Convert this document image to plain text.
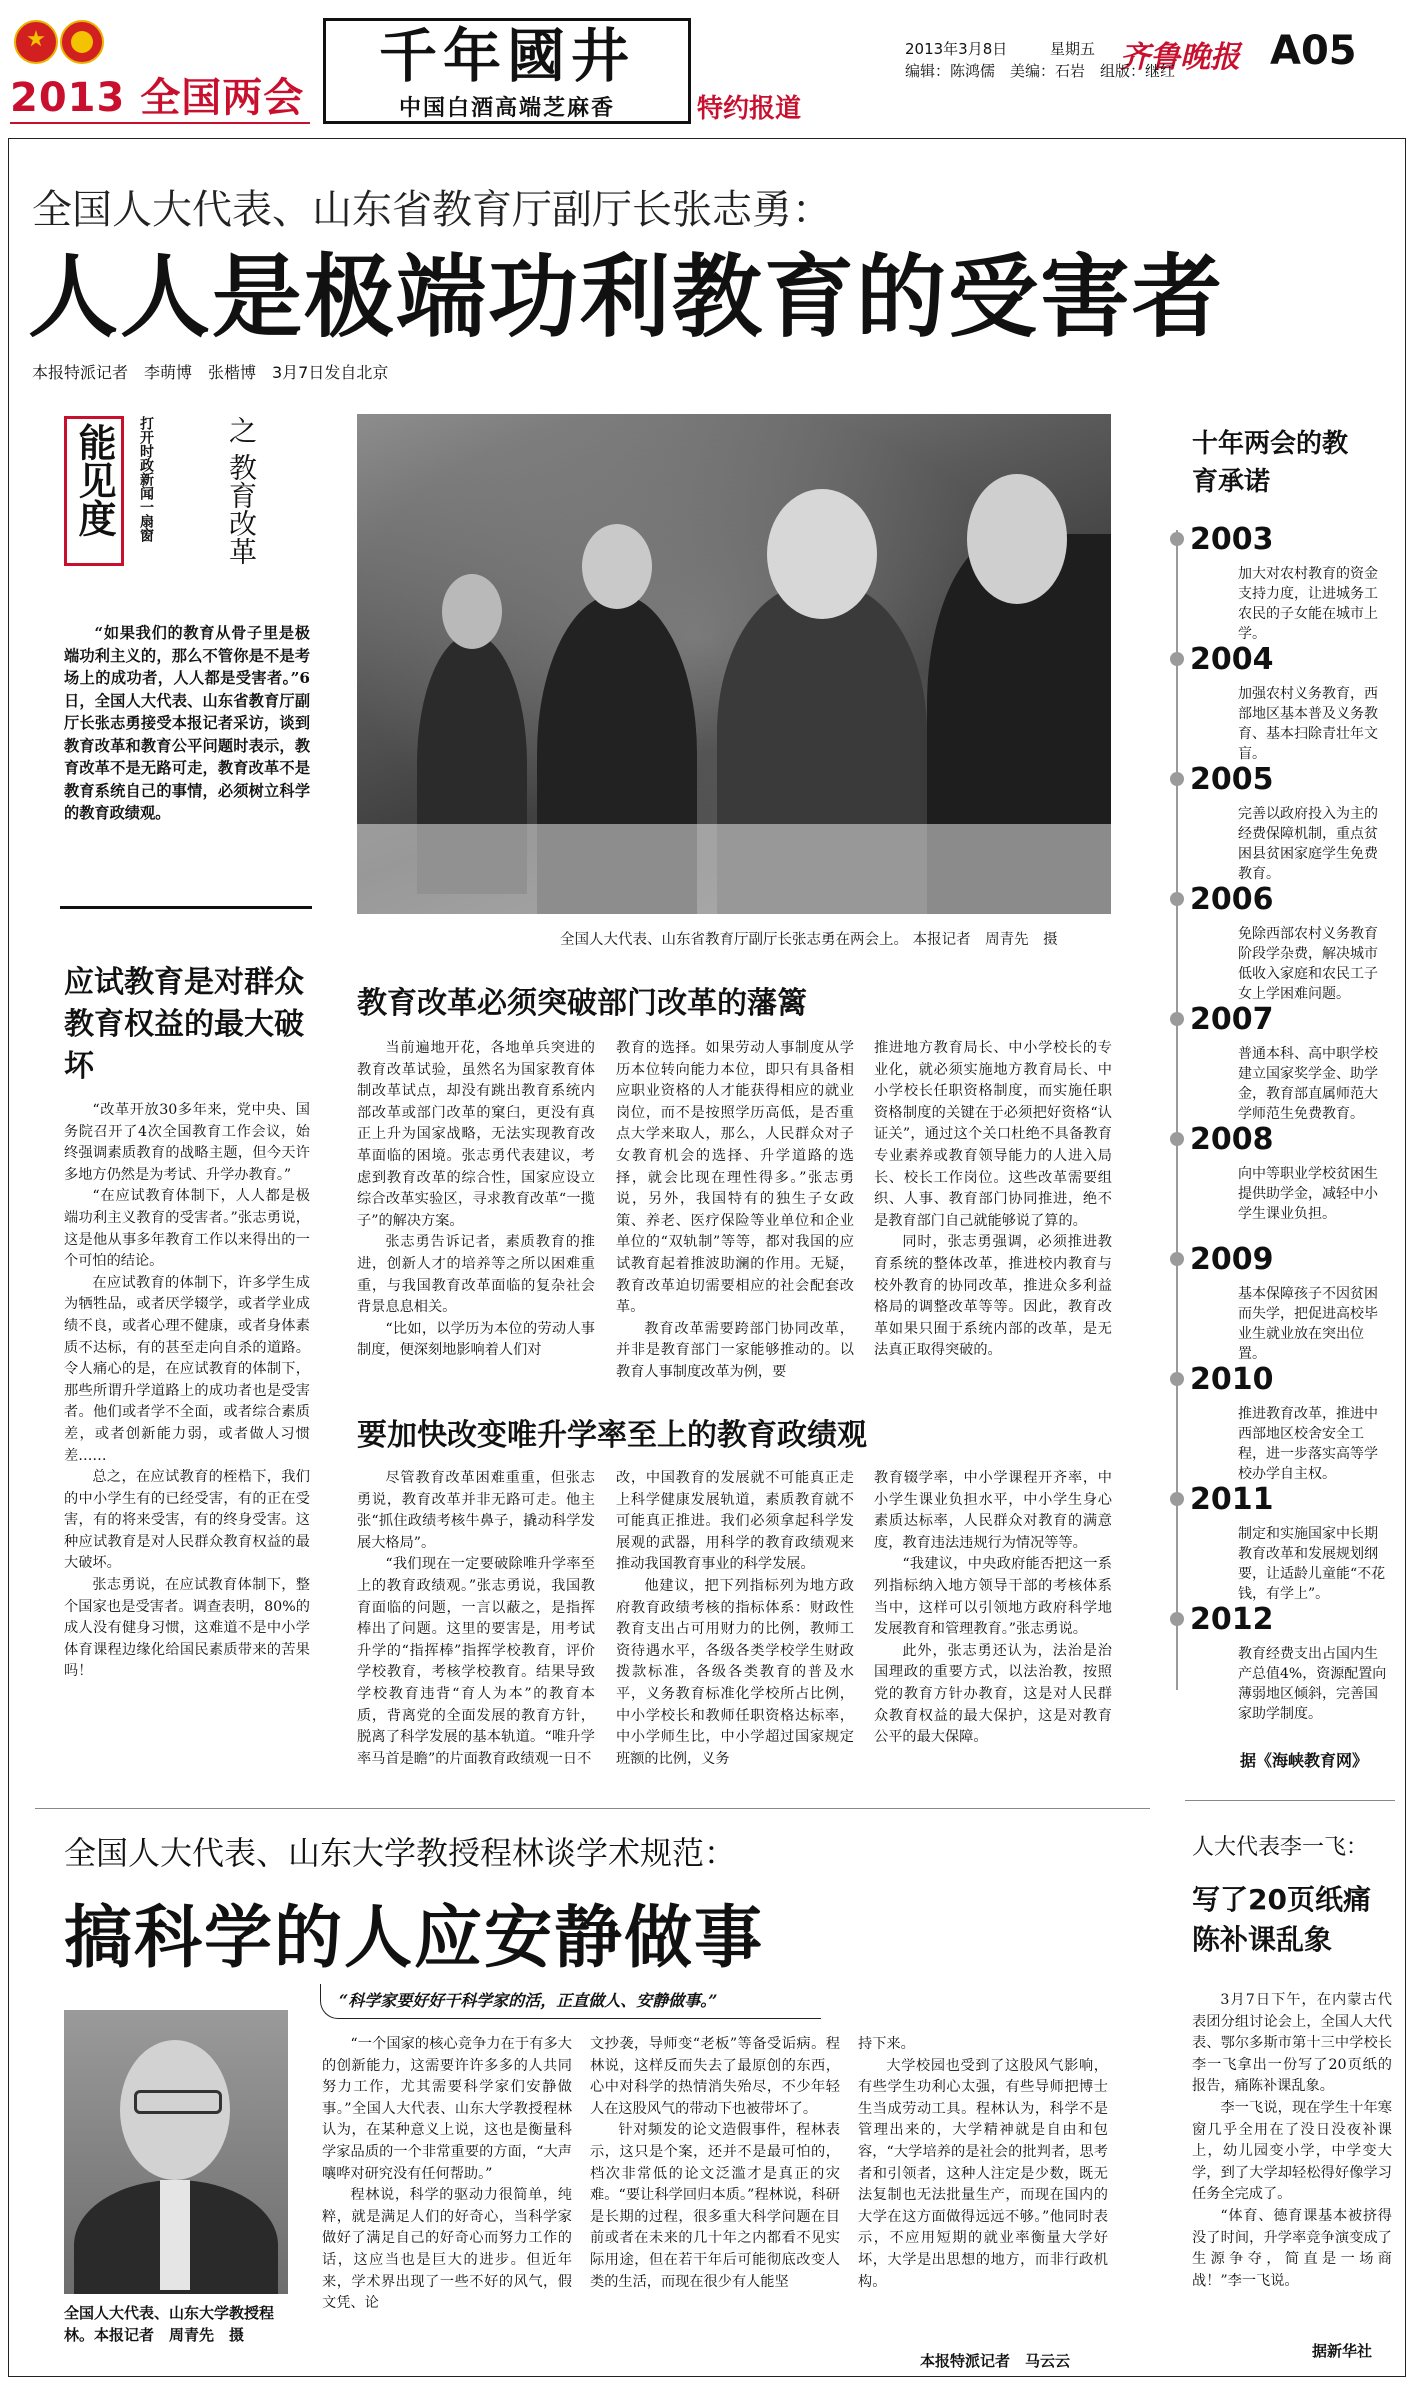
2013 全国两会
千年國井
中国白酒高端芝麻香	特约报道
2013年3月8日	星期五 齐鲁晚报 A05
编辑：陈鸿儒　美编：石岩　组版：继红
全国人大代表、山东省教育厅副厅长张志勇：
人人是极端功利教育的受害者
本报特派记者　李萌博　张楷博　3月7日发自北京
能见度	打开时政新闻一扇窗	之 教育改革

“如果我们的教育从骨子里是极端功利主义的，那么不管你是不是考场上的成功者，人人都是受害者。”6日，全国人大代表、山东省教育厅副厅长张志勇接受本报记者采访，谈到教育改革和教育公平问题时表示，教育改革不是无路可走，教育改革不是教育系统自己的事情，必须树立科学的教育政绩观。

全国人大代表、山东省教育厅副厅长张志勇在两会上。 本报记者　周青先　摄
应试教育是对群众教育权益的最大破坏

“改革开放30多年来，党中央、国务院召开了4次全国教育工作会议，始终强调素质教育的战略主题，但今天许多地方仍然是为考试、升学办教育。”

“在应试教育体制下，人人都是极端功利主义教育的受害者。”张志勇说，这是他从事多年教育工作以来得出的一个可怕的结论。

在应试教育的体制下，许多学生成为牺牲品，或者厌学辍学，或者学业成绩不良，或者心理不健康，或者身体素质不达标，有的甚至走向自杀的道路。令人痛心的是，在应试教育的体制下，那些所谓升学道路上的成功者也是受害者。他们或者学不全面，或者综合素质差，或者创新能力弱，或者做人习惯差……

总之，在应试教育的桎梏下，我们的中小学生有的已经受害，有的正在受害，有的将来受害，有的终身受害。这种应试教育是对人民群众教育权益的最大破坏。

张志勇说，在应试教育体制下，整个国家也是受害者。调查表明，80%的成人没有健身习惯，这难道不是中小学体育课程边缘化给国民素质带来的苦果吗！

教育改革必须突破部门改革的藩篱

当前遍地开花，各地单兵突进的教育改革试验，虽然名为国家教育体制改革试点，却没有跳出教育系统内部改革或部门改革的窠臼，更没有真正上升为国家战略，无法实现教育改革面临的困境。张志勇代表建议，考虑到教育改革的综合性，国家应设立综合改革实验区，寻求教育改革“一揽子”的解决方案。

张志勇告诉记者，素质教育的推进，创新人才的培养等之所以困难重重，与我国教育改革面临的复杂社会背景息息相关。

“比如，以学历为本位的劳动人事制度，便深刻地影响着人们对

教育的选择。如果劳动人事制度从学历本位转向能力本位，即只有具备相应职业资格的人才能获得相应的就业岗位，而不是按照学历高低，是否重点大学来取人，那么，人民群众对子女教育机会的选择、升学道路的选择，就会比现在理性得多。”张志勇说，另外，我国特有的独生子女政策、养老、医疗保险等业单位和企业单位的“双轨制”等等，都对我国的应试教育起着推波助澜的作用。无疑，教育改革迫切需要相应的社会配套改革。

教育改革需要跨部门协同改革，并非是教育部门一家能够推动的。以教育人事制度改革为例，要

推进地方教育局长、中小学校长的专业化，就必须实施地方教育局长、中小学校长任职资格制度，而实施任职资格制度的关键在于必须把好资格“认证关”，通过这个关口杜绝不具备教育专业素养或教育领导能力的人进入局长、校长工作岗位。这些改革需要组织、人事、教育部门协同推进，绝不是教育部门自己就能够说了算的。

同时，张志勇强调，必须推进教育系统的整体改革，推进校内教育与校外教育的协同改革，推进众多利益格局的调整改革等等。因此，教育改革如果只囿于系统内部的改革，是无法真正取得突破的。

要加快改变唯升学率至上的教育政绩观

尽管教育改革困难重重，但张志勇说，教育改革并非无路可走。他主张“抓住政绩考核牛鼻子，撬动科学发展大格局”。

“我们现在一定要破除唯升学率至上的教育政绩观。”张志勇说，我国教育面临的问题，一言以蔽之，是指挥棒出了问题。这里的要害是，用考试升学的“指挥棒”指挥学校教育，评价学校教育，考核学校教育。结果导致学校教育违背“育人为本”的教育本质，背离党的全面发展的教育方针，脱离了科学发展的基本轨道。“唯升学率马首是瞻”的片面教育政绩观一日不

改，中国教育的发展就不可能真正走上科学健康发展轨道，素质教育就不可能真正推进。我们必须拿起科学发展观的武器，用科学的教育政绩观来推动我国教育事业的科学发展。

他建议，把下列指标列为地方政府教育政绩考核的指标体系：财政性教育支出占可用财力的比例，教师工资待遇水平，各级各类学校学生财政拨款标准，各级各类教育的普及水平，义务教育标准化学校所占比例，中小学校长和教师任职资格达标率，中小学师生比，中小学超过国家规定班额的比例，义务

教育辍学率，中小学课程开齐率，中小学生课业负担水平，中小学生身心素质达标率，人民群众对教育的满意度，教育违法违规行为情况等等。

“我建议，中央政府能否把这一系列指标纳入地方领导干部的考核体系当中，这样可以引领地方政府科学地发展教育和管理教育。”张志勇说。

此外，张志勇还认为，法治是治国理政的重要方式，以法治教，按照党的教育方针办教育，这是对人民群众教育权益的最大保护，这是对教育公平的最大保障。

十年两会的教育承诺
2003
加大对农村教育的资金支持力度，让进城务工农民的子女能在城市上学。
2004
加强农村义务教育，西部地区基本普及义务教育、基本扫除青壮年文盲。
2005
完善以政府投入为主的经费保障机制，重点贫困县贫困家庭学生免费教育。
2006
免除西部农村义务教育阶段学杂费，解决城市低收入家庭和农民工子女上学困难问题。
2007
普通本科、高中职学校建立国家奖学金、助学金，教育部直属师范大学师范生免费教育。
2008
向中等职业学校贫困生提供助学金，减轻中小学生课业负担。
2009
基本保障孩子不因贫困而失学，把促进高校毕业生就业放在突出位置。
2010
推进教育改革，推进中西部地区校舍安全工程，进一步落实高等学校办学自主权。
2011
制定和实施国家中长期教育改革和发展规划纲要，让适龄儿童能“不花钱，有学上”。
2012
教育经费支出占国内生产总值4%，资源配置向薄弱地区倾斜，完善国家助学制度。
据《海峡教育网》
全国人大代表、山东大学教授程林谈学术规范：
搞科学的人应安静做事
“科学家要好好干科学家的活，正直做人、安静做事。”
全国人大代表、山东大学教授程林。本报记者　周青先　摄

“一个国家的核心竞争力在于有多大的创新能力，这需要许许多多的人共同努力工作，尤其需要科学家们安静做事。”全国人大代表、山东大学教授程林认为，在某种意义上说，这也是衡量科学家品质的一个非常重要的方面，“大声嚷哗对研究没有任何帮助。”

程林说，科学的驱动力很简单，纯粹，就是满足人们的好奇心，当科学家做好了满足自己的好奇心而努力工作的话，这应当也是巨大的进步。但近年来，学术界出现了一些不好的风气，假文凭、论

文抄袭，导师变“老板”等备受诟病。程林说，这样反而失去了最原创的东西，心中对科学的热情消失殆尽，不少年轻人在这股风气的带动下也被带坏了。

针对频发的论文造假事件，程林表示，这只是个案，还并不是最可怕的，档次非常低的论文泛滥才是真正的灾难。“要让科学回归本质。”程林说，科研是长期的过程，很多重大科学问题在目前或者在未来的几十年之内都看不见实际用途，但在若干年后可能彻底改变人类的生活，而现在很少有人能坚

持下来。

大学校园也受到了这股风气影响，有些学生功利心太强，有些导师把博士生当成劳动工具。程林认为，科学不是管理出来的，大学精神就是自由和包容，“大学培养的是社会的批判者，思考者和引领者，这种人注定是少数，既无法复制也无法批量生产，而现在国内的大学在这方面做得远远不够。”他同时表示，不应用短期的就业率衡量大学好坏，大学是出思想的地方，而非行政机构。

本报特派记者　马云云
人大代表李一飞：
写了20页纸痛陈补课乱象

3月7日下午，在内蒙古代表团分组讨论会上，全国人大代表、鄂尔多斯市第十三中学校长李一飞拿出一份写了20页纸的报告，痛陈补课乱象。

李一飞说，现在学生十年寒窗几乎全用在了没日没夜补课上，幼儿园变小学，中学变大学，到了大学却轻松得好像学习任务全完成了。

“体育、德育课基本被挤得没了时间，升学率竞争演变成了生源争夺，简直是一场商战！”李一飞说。

据新华社
